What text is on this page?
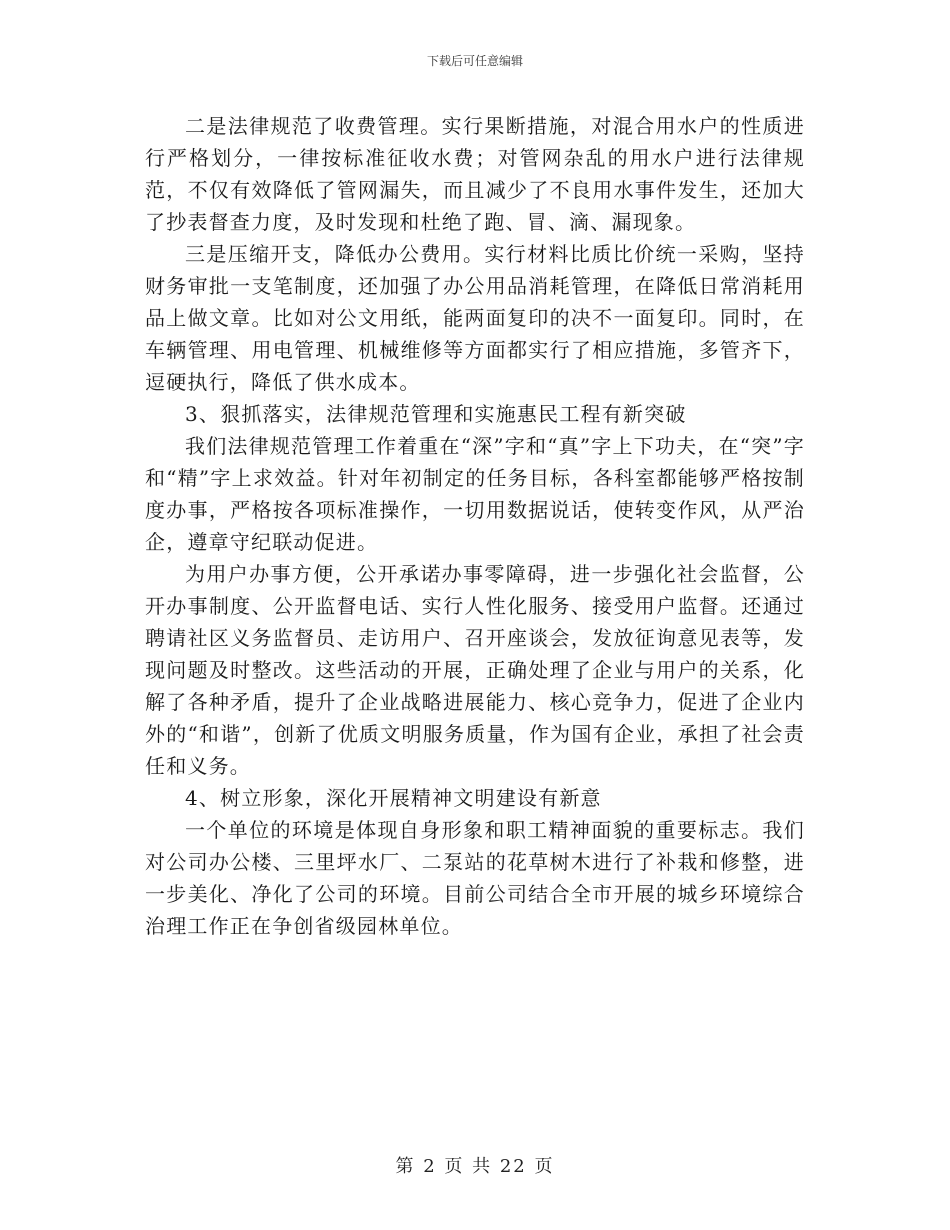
下载后可任意编辑

二是法律规范了收费管理。实行果断措施，对混合用水户的性质进行严格划分，一律按标准征收水费；对管网杂乱的用水户进行法律规范，不仅有效降低了管网漏失，而且减少了不良用水事件发生，还加大了抄表督查力度，及时发现和杜绝了跑、冒、滴、漏现象。

三是压缩开支，降低办公费用。实行材料比质比价统一采购，坚持财务审批一支笔制度，还加强了办公用品消耗管理，在降低日常消耗用品上做文章。比如对公文用纸，能两面复印的决不一面复印。同时，在车辆管理、用电管理、机械维修等方面都实行了相应措施，多管齐下，逗硬执行，降低了供水成本。

3、狠抓落实，法律规范管理和实施惠民工程有新突破

我们法律规范管理工作着重在“深”字和“真”字上下功夫，在“突”字和“精”字上求效益。针对年初制定的任务目标，各科室都能够严格按制度办事，严格按各项标准操作，一切用数据说话，使转变作风，从严治企，遵章守纪联动促进。

为用户办事方便，公开承诺办事零障碍，进一步强化社会监督，公开办事制度、公开监督电话、实行人性化服务、接受用户监督。还通过聘请社区义务监督员、走访用户、召开座谈会，发放征询意见表等，发现问题及时整改。这些活动的开展，正确处理了企业与用户的关系，化解了各种矛盾，提升了企业战略进展能力、核心竞争力，促进了企业内外的“和谐”，创新了优质文明服务质量，作为国有企业，承担了社会责任和义务。

4、树立形象，深化开展精神文明建设有新意

一个单位的环境是体现自身形象和职工精神面貌的重要标志。我们对公司办公楼、三里坪水厂、二泵站的花草树木进行了补栽和修整，进一步美化、净化了公司的环境。目前公司结合全市开展的城乡环境综合治理工作正在争创省级园林单位。

第 2 页 共 22 页
